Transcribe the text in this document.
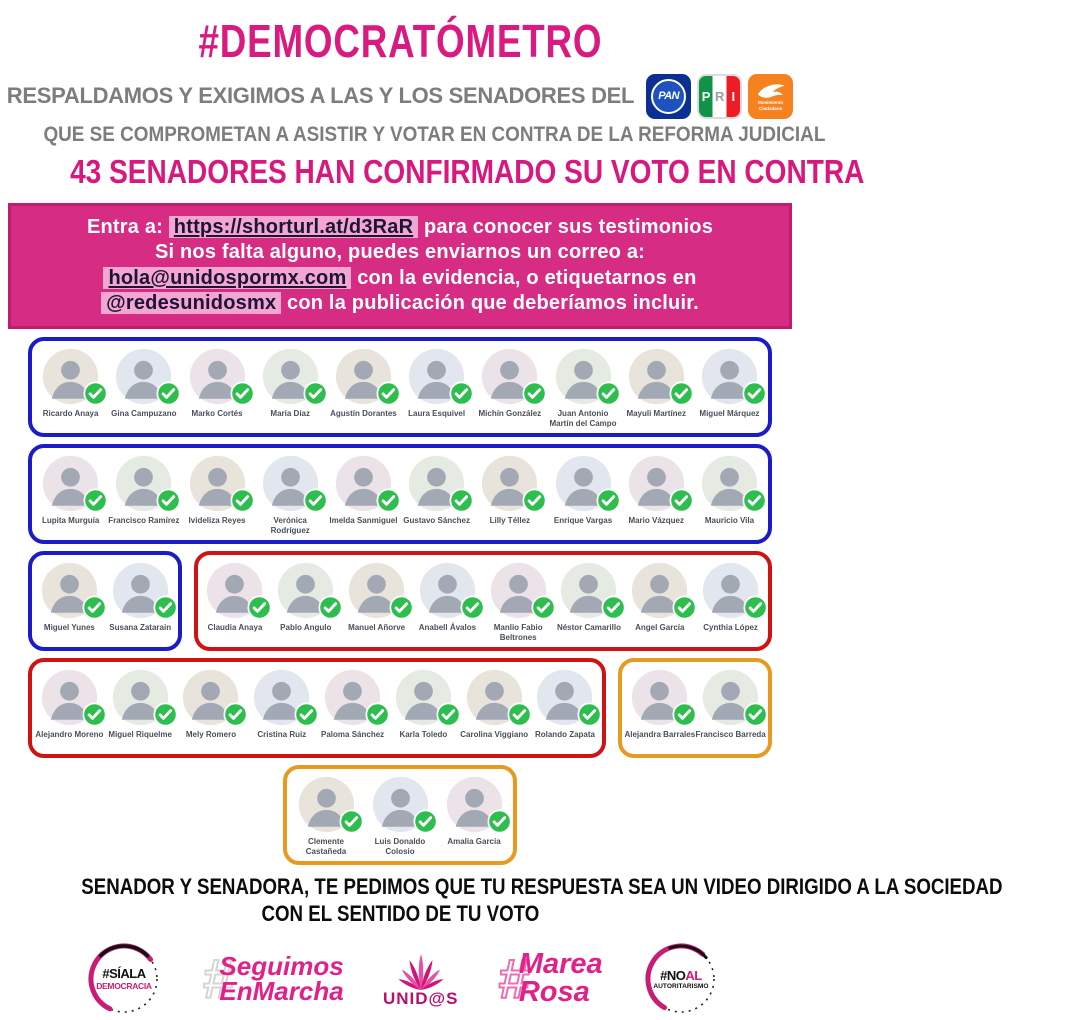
#DEMOCRATÓMETRO
RESPALDAMOS Y EXIGIMOS A LAS Y LOS SENADORES DEL PAN P R I	Movimiento Ciudadano
QUE SE COMPROMETAN A ASISTIR Y VOTAR EN CONTRA DE LA REFORMA JUDICIAL
43 SENADORES HAN CONFIRMADO SU VOTO EN CONTRA
Entra a: https://shorturl.at/d3RaR para conocer sus testimonios
Si nos falta alguno, puedes enviarnos un correo a:
hola@unidospormx.com con la evidencia, o etiquetarnos en
@redesunidosmx con la publicación que deberíamos incluir.
Ricardo Anaya Gina Campuzano Marko Cortés	María Díaz	Agustín Dorantes Laura Esquivel Michín González	Juan Antonio Martín del Campo
Mayuli Martínez Miguel Márquez
Lupita Murguía Francisco Ramírez Ivideliza Reyes	Verónica Rodríguez
Imelda Sanmiguel Gustavo Sánchez Lilly Téllez	Enrique Vargas Mario Vázquez	Mauricio Vila
Miguel Yunes Susana Zatarain	Claudia Anaya Pablo Angulo Manuel Añorve Anabell Ávalos	Manlio Fabio Beltrones
Néstor Camarillo Angel García Cynthia López
Alejandro Moreno Miguel Riquelme Mely Romero	Cristina Ruiz Paloma Sánchez Karla Toledo Carolina Viggiano Rolando Zapata	Alejandra Barrales Francisco Barreda
Clemente Castañeda
Luis Donaldo Colosio
Amalia García
SENADOR Y SENADORA, TE PEDIMOS QUE TU RESPUESTA SEA UN VIDEO DIRIGIDO A LA SOCIEDAD
CON EL SENTIDO DE TU VOTO
#SÍALA
DEMOCRACIA #
Seguimos
EnMarcha UNID@S #
Marea
Rosa
#NOAL
AUTORITARISMO
